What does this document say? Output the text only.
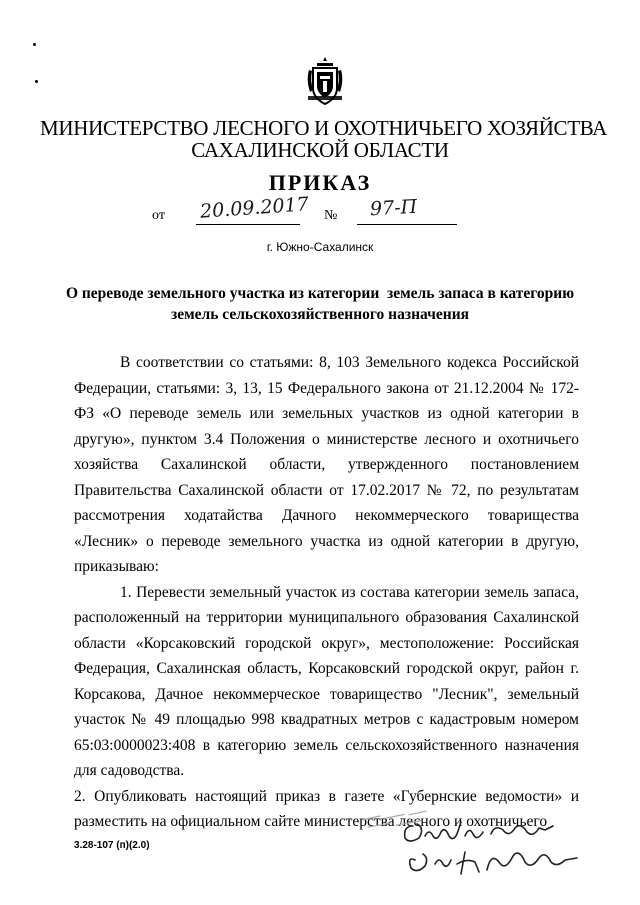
МИНИСТЕРСТВО ЛЕСНОГО И ОХОТНИЧЬЕГО ХОЗЯЙСТВА
САХАЛИНСКОЙ ОБЛАСТИ
ПРИКАЗ
от 20.09.2017 № 97-П
г. Южно-Сахалинск
О переводе земельного участка из категории  земель запаса в категорию
земель сельскохозяйственного назначения

В соответствии со статьями: 8, 103 Земельного кодекса Российской Федерации, статьями: 3, 13, 15 Федерального закона от 21.12.2004 № 172-ФЗ «О переводе земель или земельных участков из одной категории в другую», пунктом 3.4 Положения о министерстве лесного и охотничьего хозяйства Сахалинской области, утвержденного постановлением Правительства Сахалинской области от 17.02.2017 № 72, по результатам рассмотрения ходатайства Дачного некоммерческого товарищества «Лесник» о переводе земельного участка из одной категории в другую, приказываю:

1. Перевести земельный участок из состава категории земель запаса, расположенный на территории муниципального образования Сахалинской области «Корсаковский городской округ», местоположение: Российская Федерация, Сахалинская область, Корсаковский городской округ, район г. Корсакова, Дачное некоммерческое товарищество "Лесник", земельный участок № 49 площадью 998 квадратных метров с кадастровым номером 65:03:0000023:408 в категорию земель сельскохозяйственного назначения для садоводства.

2. Опубликовать настоящий приказ в газете «Губернские ведомости» и разместить на официальном сайте министерства лесного и охотничьего

3.28-107 (п)(2.0)
